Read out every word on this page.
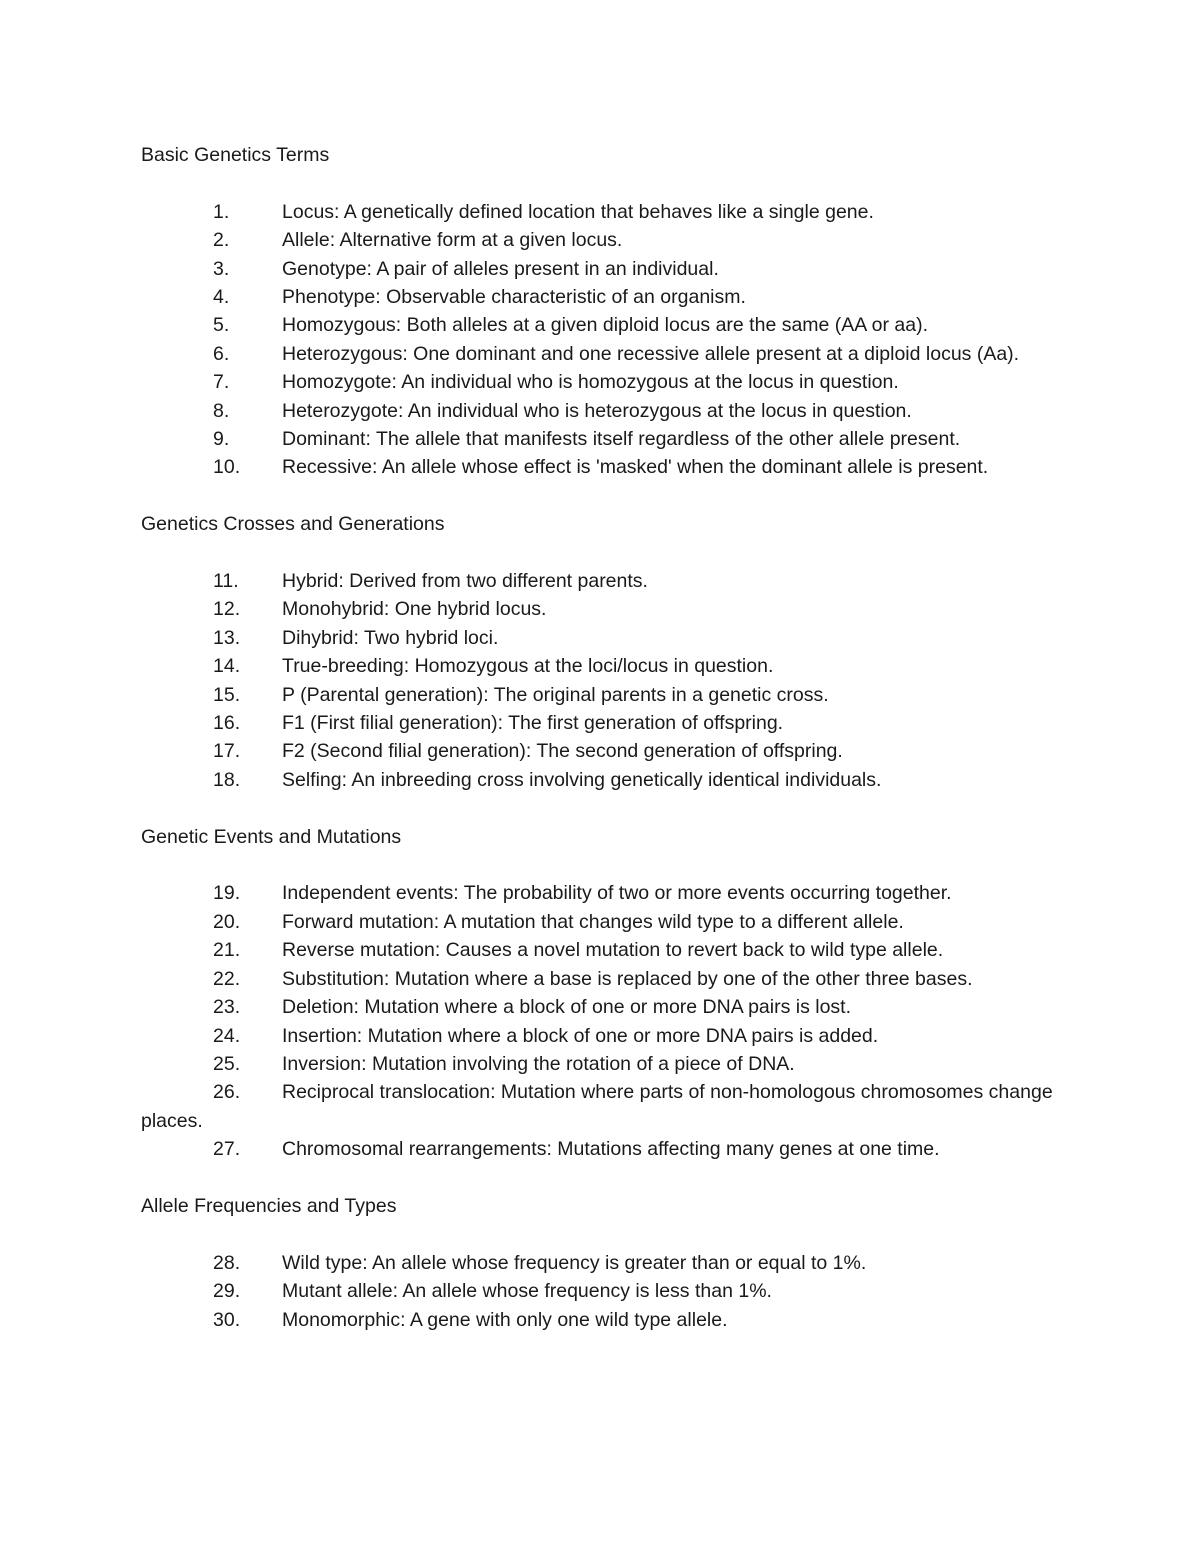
Basic Genetics Terms
1.	Locus: A genetically defined location that behaves like a single gene.
2.	Allele: Alternative form at a given locus.
3.	Genotype: A pair of alleles present in an individual.
4.	Phenotype: Observable characteristic of an organism.
5.	Homozygous: Both alleles at a given diploid locus are the same (AA or aa).
6.	Heterozygous: One dominant and one recessive allele present at a diploid locus (Aa).
7.	Homozygote: An individual who is homozygous at the locus in question.
8.	Heterozygote: An individual who is heterozygous at the locus in question.
9.	Dominant: The allele that manifests itself regardless of the other allele present.
10. Recessive: An allele whose effect is 'masked' when the dominant allele is present.
Genetics Crosses and Generations
11. Hybrid: Derived from two different parents.
12. Monohybrid: One hybrid locus.
13. Dihybrid: Two hybrid loci.
14. True-breeding: Homozygous at the loci/locus in question.
15. P (Parental generation): The original parents in a genetic cross.
16. F1 (First filial generation): The first generation of offspring.
17. F2 (Second filial generation): The second generation of offspring.
18. Selfing: An inbreeding cross involving genetically identical individuals.
Genetic Events and Mutations
19. Independent events: The probability of two or more events occurring together.
20. Forward mutation: A mutation that changes wild type to a different allele.
21. Reverse mutation: Causes a novel mutation to revert back to wild type allele.
22. Substitution: Mutation where a base is replaced by one of the other three bases.
23. Deletion: Mutation where a block of one or more DNA pairs is lost.
24. Insertion: Mutation where a block of one or more DNA pairs is added.
25. Inversion: Mutation involving the rotation of a piece of DNA.
26. Reciprocal translocation: Mutation where parts of non-homologous chromosomes change places.
27. Chromosomal rearrangements: Mutations affecting many genes at one time.
Allele Frequencies and Types
28. Wild type: An allele whose frequency is greater than or equal to 1%.
29. Mutant allele: An allele whose frequency is less than 1%.
30. Monomorphic: A gene with only one wild type allele.
